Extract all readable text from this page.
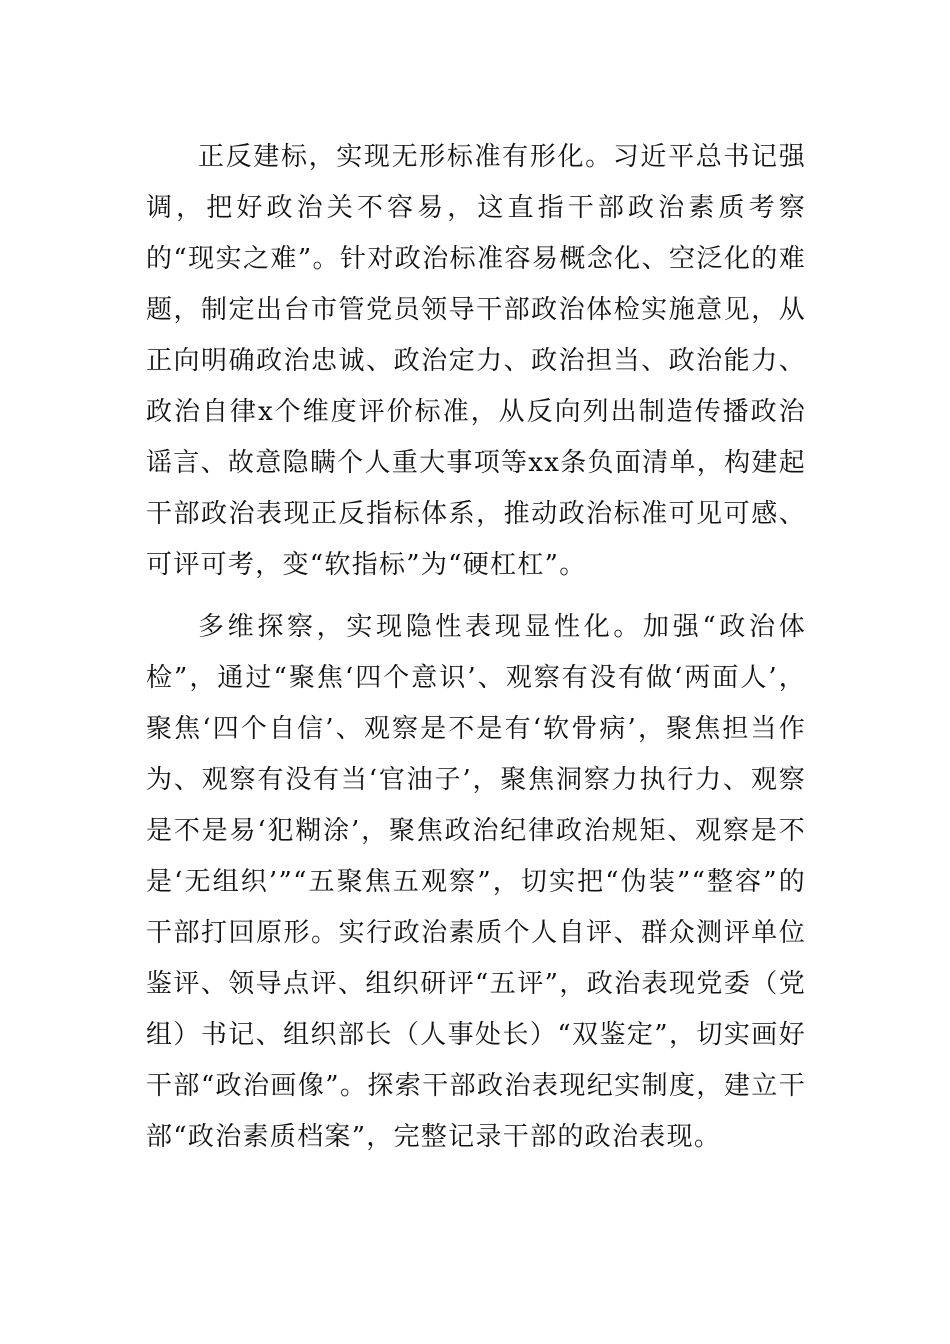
正反建标，实现无形标准有形化。习近平总书记强调，把好政治关不容易，这直指干部政治素质考察的“现实之难”。针对政治标准容易概念化、空泛化的难题，制定出台市管党员领导干部政治体检实施意见，从正向明确政治忠诚、政治定力、政治担当、政治能力、政治自律x个维度评价标准，从反向列出制造传播政治谣言、故意隐瞒个人重大事项等xx条负面清单，构建起干部政治表现正反指标体系，推动政治标准可见可感、可评可考，变“软指标”为“硬杠杠”。

多维探察，实现隐性表现显性化。加强“政治体检”，通过“聚焦‘四个意识’、观察有没有做‘两面人’，聚焦‘四个自信’、观察是不是有‘软骨病’，聚焦担当作为、观察有没有当‘官油子’，聚焦洞察力执行力、观察是不是易‘犯糊涂’，聚焦政治纪律政治规矩、观察是不是‘无组织’”“五聚焦五观察”，切实把“伪装”“整容”的干部打回原形。实行政治素质个人自评、群众测评单位鉴评、领导点评、组织研评“五评”，政治表现党委（党组）书记、组织部长（人事处长）“双鉴定”，切实画好干部“政治画像”。探索干部政治表现纪实制度，建立干部“政治素质档案”，完整记录干部的政治表现。
